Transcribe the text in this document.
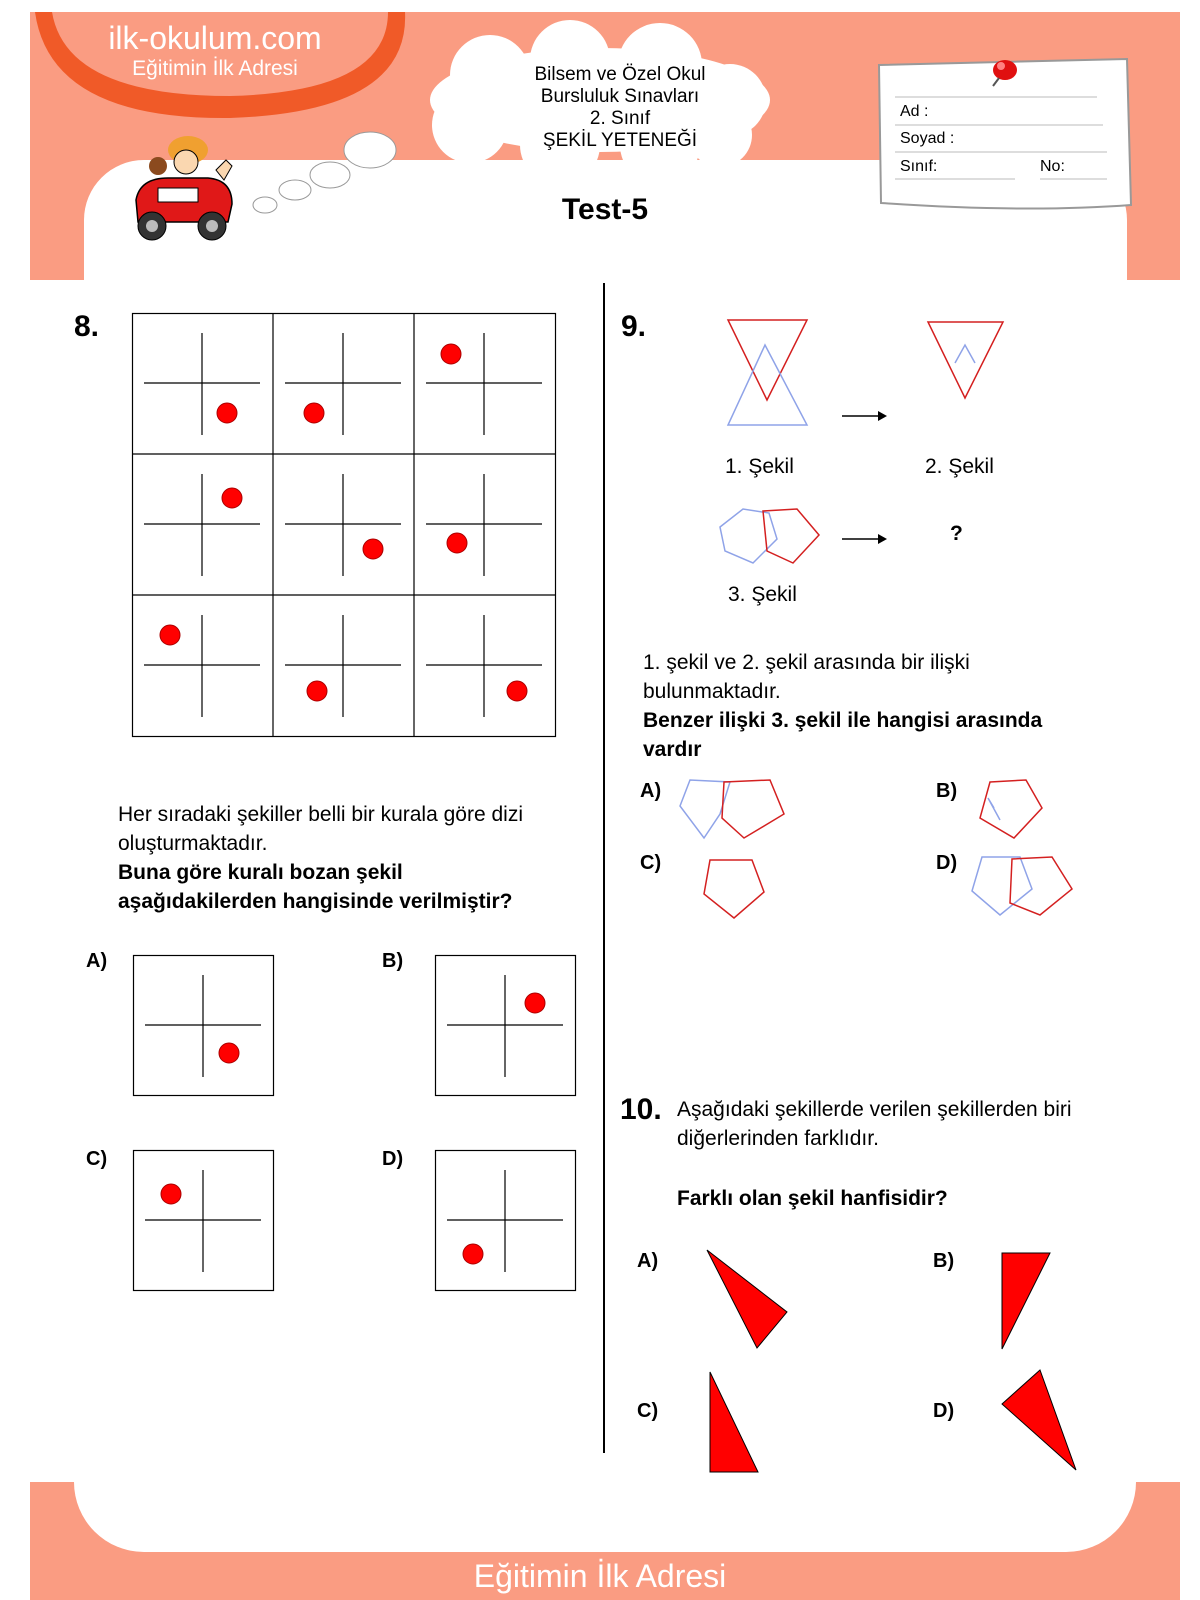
ilk-okulum.com
Eğitimin İlk Adresi	Bilsem ve Özel Okul
Bursluluk Sınavları
2. Sınıf
ŞEKİL YETENEĞİ
Test-5
Ad :
Soyad :
Sınıf:	No:
8.
Her sıradaki şekiller belli bir kurala göre dizi
oluşturmaktadır.
Buna göre kuralı bozan şekil
aşağıdakilerden hangisinde verilmiştir?
A)	B)
C)	D)
9.
1. Şekil	2. Şekil
?
3. Şekil
1. şekil ve 2. şekil arasında bir ilişki
bulunmaktadır.
Benzer ilişki 3. şekil ile hangisi arasında
vardır
A)	B)
C)	D)
10. Aşağıdaki şekillerde verilen şekillerden biri
diğerlerinden farklıdır.
Farklı olan şekil hanfisidir?
A)	B)
C)	D)
ilk-okulum.com
Eğitimin İlk Adresi
